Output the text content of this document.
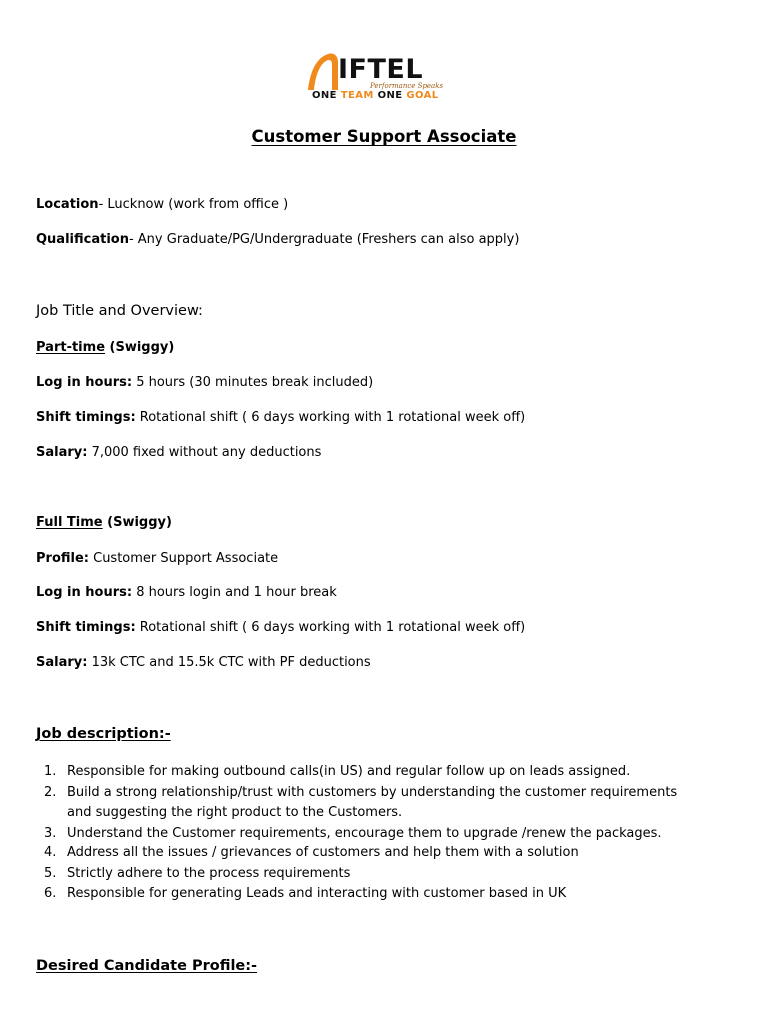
IFTEL
Performance Speaks
ONE TEAM ONE GOAL
Customer Support Associate
Location- Lucknow (work from office )
Qualification- Any Graduate/PG/Undergraduate (Freshers can also apply)
Job Title and Overview:
Part-time (Swiggy)
Log in hours: 5 hours (30 minutes break included)
Shift timings: Rotational shift ( 6 days working with 1 rotational week off)
Salary: 7,000 fixed without any deductions
Full Time (Swiggy)
Profile: Customer Support Associate
Log in hours: 8 hours login and 1 hour break
Shift timings: Rotational shift ( 6 days working with 1 rotational week off)
Salary: 13k CTC and 15.5k CTC with PF deductions
Job description:-
1. Responsible for making outbound calls(in US) and regular follow up on leads assigned.
2. Build a strong relationship/trust with customers by understanding the customer requirements and suggesting the right product to the Customers.
3. Understand the Customer requirements, encourage them to upgrade /renew the packages.
4. Address all the issues / grievances of customers and help them with a solution
5. Strictly adhere to the process requirements
6. Responsible for generating Leads and interacting with customer based in UK
Desired Candidate Profile:-
